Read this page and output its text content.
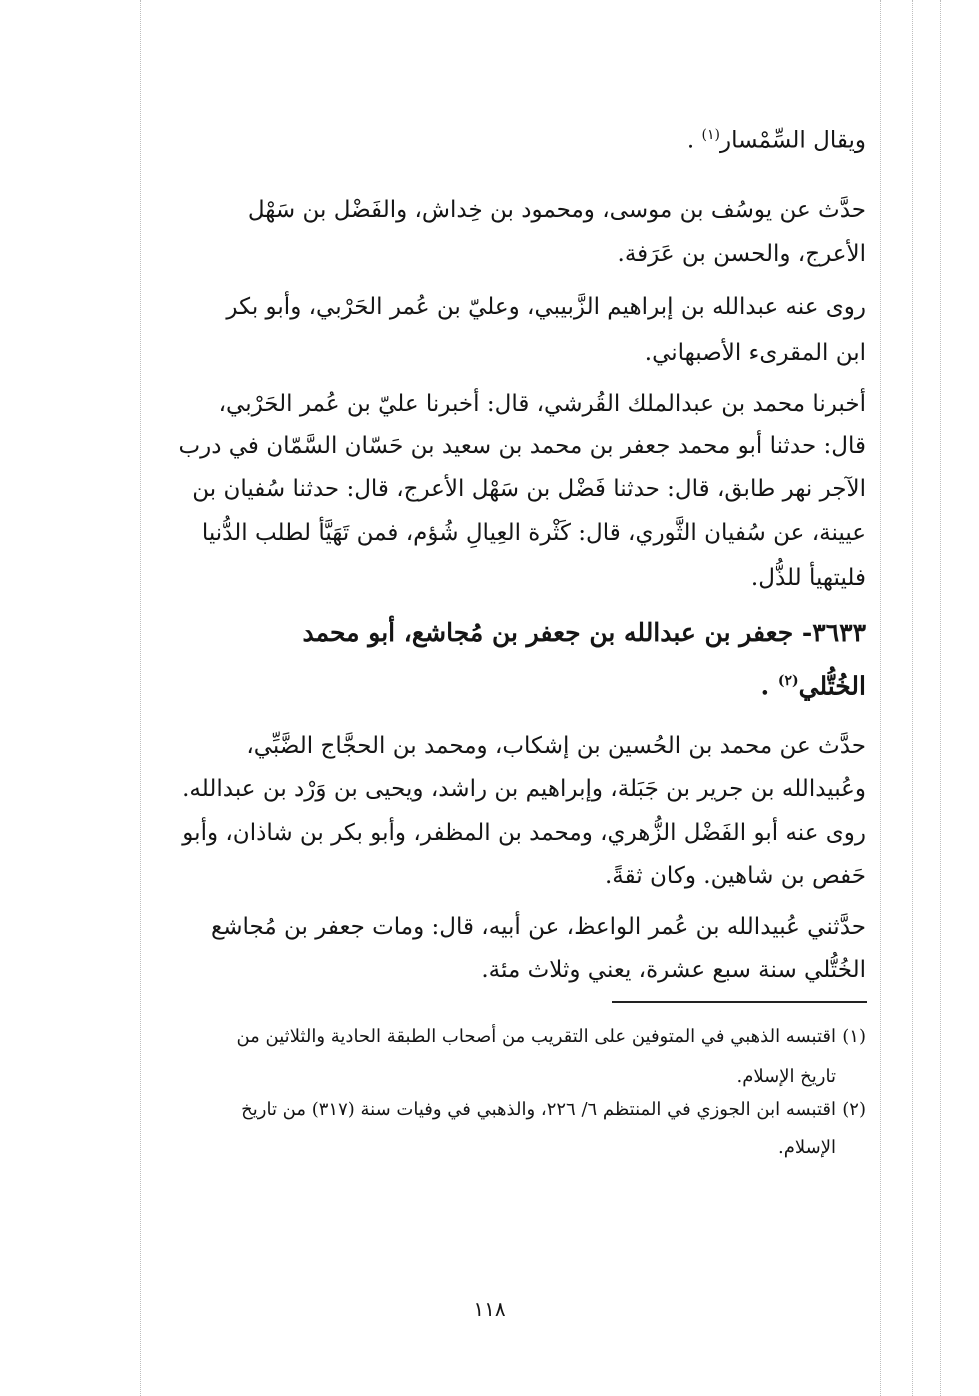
ويقال السِّمْسار$^{(١)}$ .
حدَّث عن يوسُف بن موسى، ومحمود بن خِداش، والفَضْل بن سَهْل
الأعرج، والحسن بن عَرَفة.
روى عنه عبدالله بن إبراهيم الزَّبيبي، وعليّ بن عُمر الحَرْبي، وأبو بكر
ابن المقرىء الأصبهاني.
أخبرنا محمد بن عبدالملك القُرشي، قال: أخبرنا عليّ بن عُمر الحَرْبي،
قال: حدثنا أبو محمد جعفر بن محمد بن سعيد بن حَسّان السَّمّان في درب
الآجر نهر طابق، قال: حدثنا فَضْل بن سَهْل الأعرج، قال: حدثنا سُفيان بن
عيينة، عن سُفيان الثَّوري، قال: كَثْرة العِيالِ شُؤم، فمن تَهَيَّأ لطلب الدُّنيا
فليتهيأ للذُّل.
٣٦٣٣- جعفر بن عبدالله بن جعفر بن مُجاشع، أبو محمد
الخُتُّلي$^{(٢)}$ .
حدَّث عن محمد بن الحُسين بن إشكاب، ومحمد بن الحجَّاج الضَّبِّي،
وعُبيدالله بن جرير بن جَبَلة، وإبراهيم بن راشد، ويحيى بن وَرْد بن عبدالله.
روى عنه أبو الفَضْل الزُّهري، ومحمد بن المظفر، وأبو بكر بن شاذان، وأبو
حَفص بن شاهين. وكان ثقةً.
حدَّثني عُبيدالله بن عُمر الواعظ، عن أبيه، قال: ومات جعفر بن مُجاشع
الخُتُّلي سنة سبع عشرة، يعني وثلاث مئة.
(١)اقتبسه الذهبي في المتوفين على التقريب من أصحاب الطبقة الحادية والثلاثين من
تاريخ الإسلام.
(٢)اقتبسه ابن الجوزي في المنتظم ٦/ ٢٢٦، والذهبي في وفيات سنة (٣١٧) من تاريخ
الإسلام.
١١٨
